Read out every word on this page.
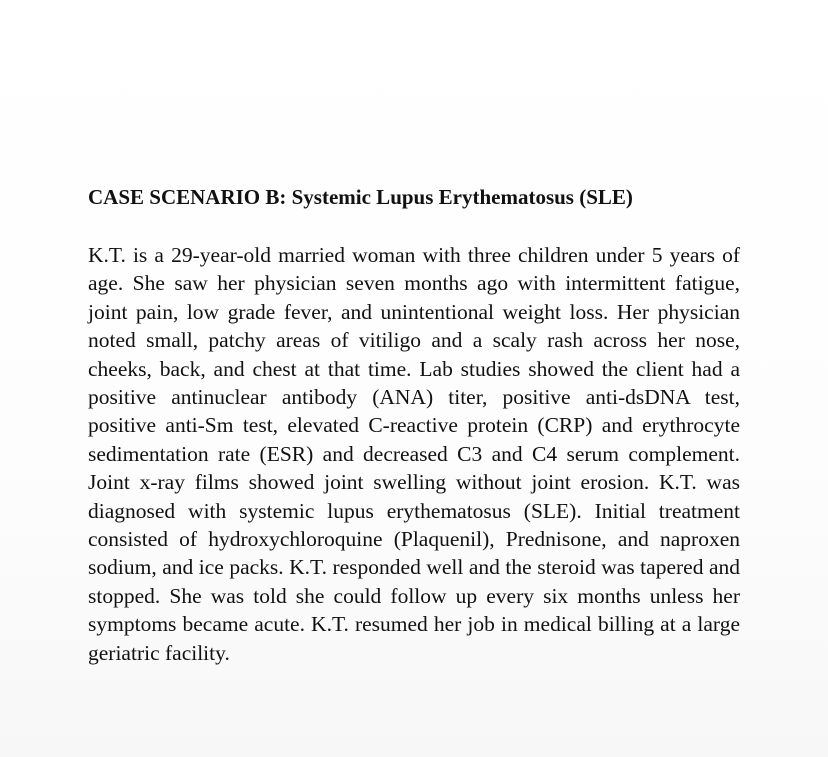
CASE SCENARIO B: Systemic Lupus Erythematosus (SLE)

K.T. is a 29-year-old married woman with three children under 5 years of age. She saw her physician seven months ago with intermittent fatigue, joint pain, low grade fever, and unintentional weight loss. Her physician noted small, patchy areas of vitiligo and a scaly rash across her nose, cheeks, back, and chest at that time. Lab studies showed the client had a positive antinuclear antibody (ANA) titer, positive anti-dsDNA test, positive anti-Sm test, elevated C-reactive protein (CRP) and erythrocyte sedimentation rate (ESR) and decreased C3 and C4 serum complement. Joint x-ray films showed joint swelling without joint erosion. K.T. was diagnosed with systemic lupus erythematosus (SLE). Initial treatment consisted of hydroxychloroquine (Plaquenil), Prednisone, and naproxen sodium, and ice packs. K.T. responded well and the steroid was tapered and stopped. She was told she could follow up every six months unless her symptoms became acute. K.T. resumed her job in medical billing at a large geriatric facility.
